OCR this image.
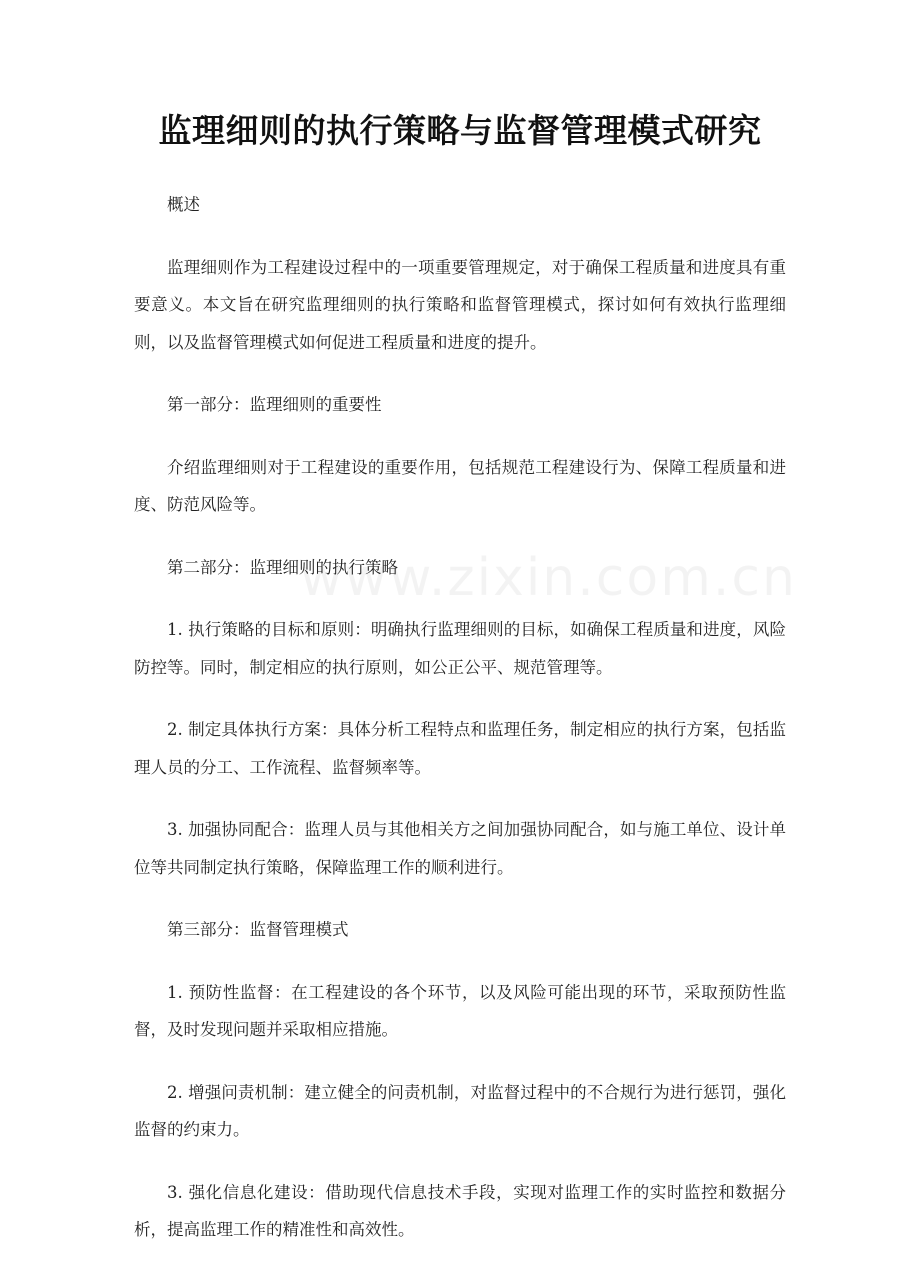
监理细则的执行策略与监督管理模式研究

概述

监理细则作为工程建设过程中的一项重要管理规定，对于确保工程质量和进度具有重要意义。本文旨在研究监理细则的执行策略和监督管理模式，探讨如何有效执行监理细则，以及监督管理模式如何促进工程质量和进度的提升。

第一部分：监理细则的重要性

介绍监理细则对于工程建设的重要作用，包括规范工程建设行为、保障工程质量和进度、防范风险等。

第二部分：监理细则的执行策略

1. 执行策略的目标和原则：明确执行监理细则的目标，如确保工程质量和进度，风险防控等。同时，制定相应的执行原则，如公正公平、规范管理等。

2. 制定具体执行方案：具体分析工程特点和监理任务，制定相应的执行方案，包括监理人员的分工、工作流程、监督频率等。

3. 加强协同配合：监理人员与其他相关方之间加强协同配合，如与施工单位、设计单位等共同制定执行策略，保障监理工作的顺利进行。

第三部分：监督管理模式

1. 预防性监督：在工程建设的各个环节，以及风险可能出现的环节，采取预防性监督，及时发现问题并采取相应措施。

2. 增强问责机制：建立健全的问责机制，对监督过程中的不合规行为进行惩罚，强化监督的约束力。

3. 强化信息化建设：借助现代信息技术手段，实现对监理工作的实时监控和数据分析，提高监理工作的精准性和高效性。
